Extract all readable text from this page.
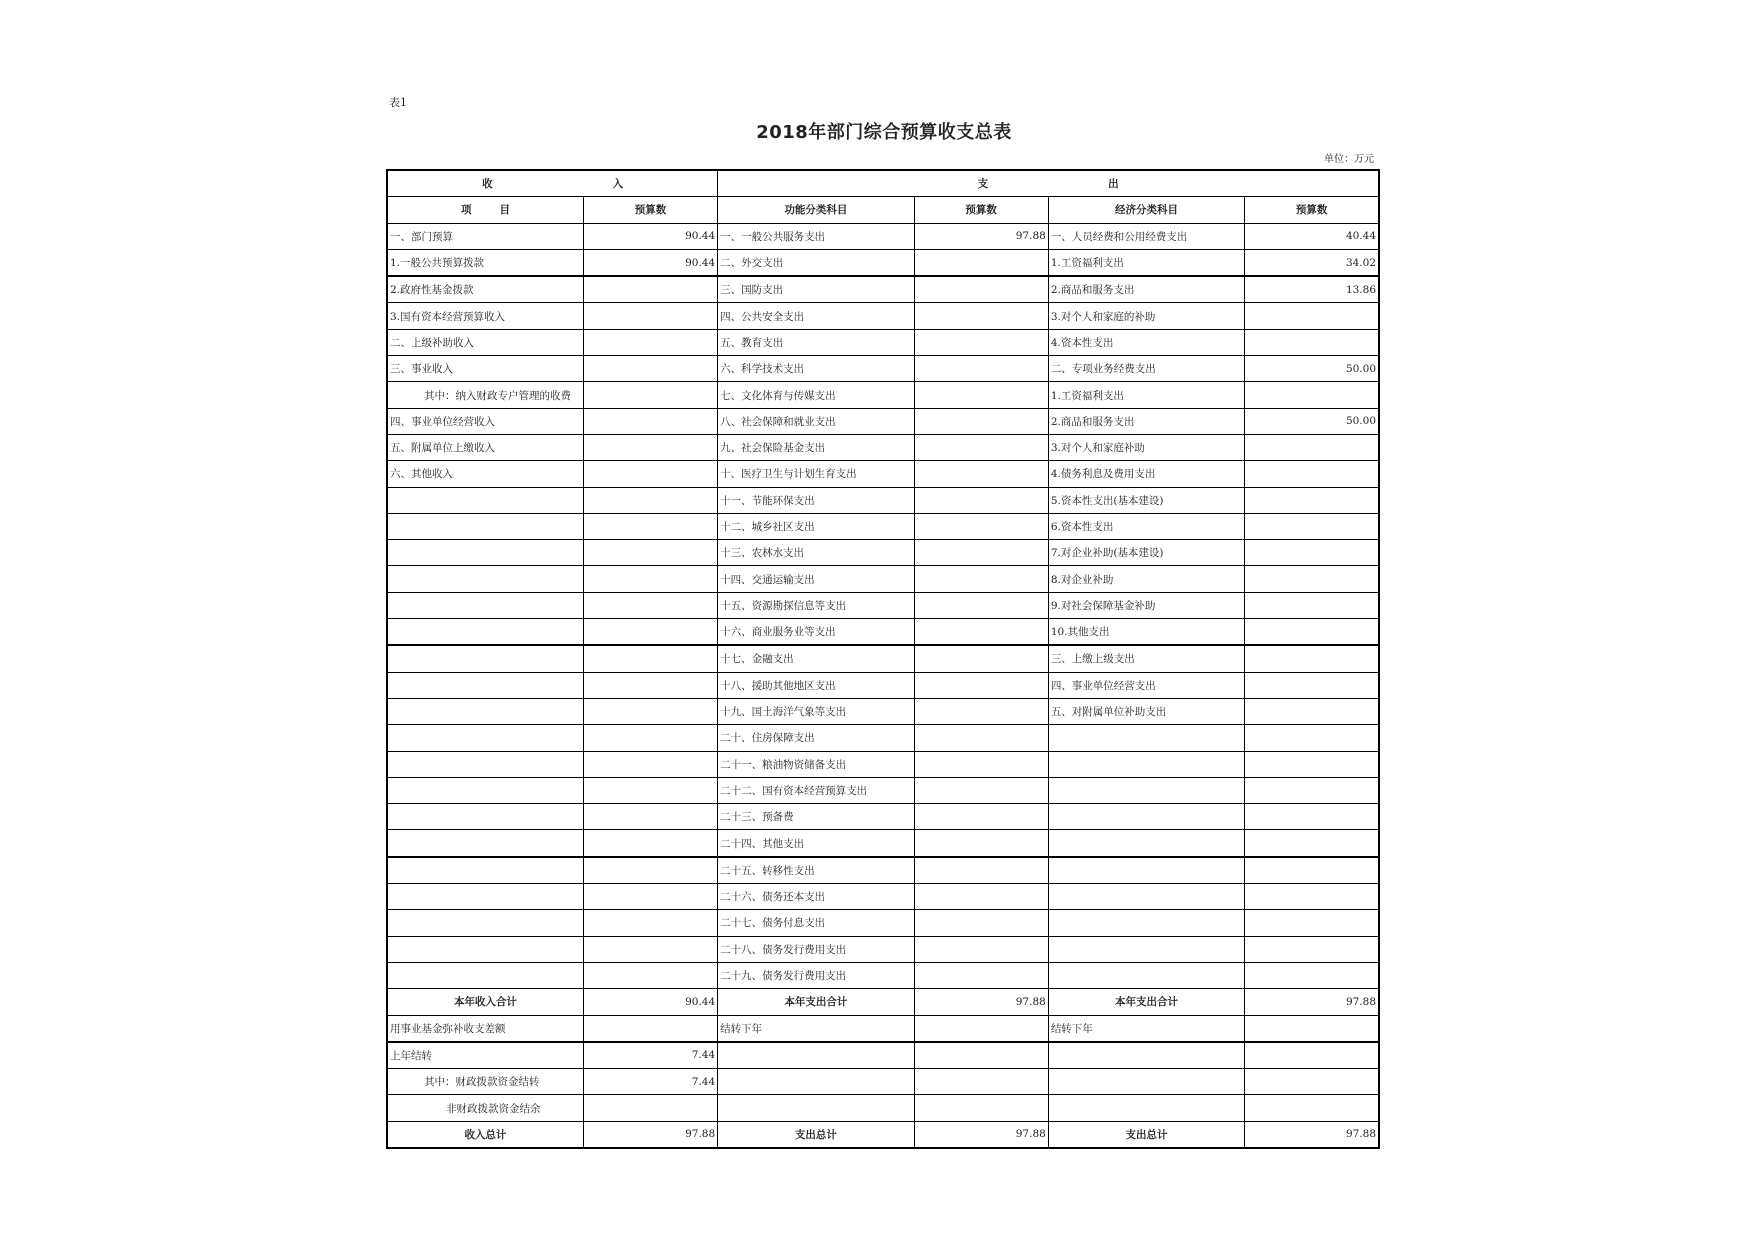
表1
2018年部门综合预算收支总表
单位：万元
收 入		支 出			
项 目	预算数	功能分类科目	预算数	经济分类科目	预算数
一、部门预算	90.44	一、一般公共服务支出	97.88	一、人员经费和公用经费支出	40.44
1.一般公共预算拨款	90.44	二、外交支出		1.工资福利支出	34.02
2.政府性基金拨款		三、国防支出		2.商品和服务支出	13.86
3.国有资本经营预算收入		四、公共安全支出		3.对个人和家庭的补助	
二、上级补助收入		五、教育支出		4.资本性支出	
三、事业收入		六、科学技术支出		二、专项业务经费支出	50.00
其中：纳入财政专户管理的收费		七、文化体育与传媒支出		1.工资福利支出	
四、事业单位经营收入		八、社会保障和就业支出		2.商品和服务支出	50.00
五、附属单位上缴收入		九、社会保险基金支出		3.对个人和家庭补助	
六、其他收入		十、医疗卫生与计划生育支出		4.债务利息及费用支出	
		十一、节能环保支出		5.资本性支出(基本建设)	
		十二、城乡社区支出		6.资本性支出	
		十三、农林水支出		7.对企业补助(基本建设)	
		十四、交通运输支出		8.对企业补助	
		十五、资源勘探信息等支出		9.对社会保障基金补助	
		十六、商业服务业等支出		10.其他支出	
		十七、金融支出		三、上缴上级支出	
		十八、援助其他地区支出		四、事业单位经营支出	
		十九、国土海洋气象等支出		五、对附属单位补助支出	
		二十、住房保障支出			
		二十一、粮油物资储备支出			
		二十二、国有资本经营预算支出			
		二十三、预备费			
		二十四、其他支出			
		二十五、转移性支出			
		二十六、债务还本支出			
		二十七、债务付息支出			
		二十八、债务发行费用支出			
		二十九、债务发行费用支出			
本年收入合计	90.44	本年支出合计	97.88	本年支出合计	97.88
用事业基金弥补收支差额		结转下年		结转下年	
上年结转	7.44				
其中：财政拨款资金结转	7.44				
非财政拨款资金结余					
收入总计	97.88	支出总计	97.88	支出总计	97.88
